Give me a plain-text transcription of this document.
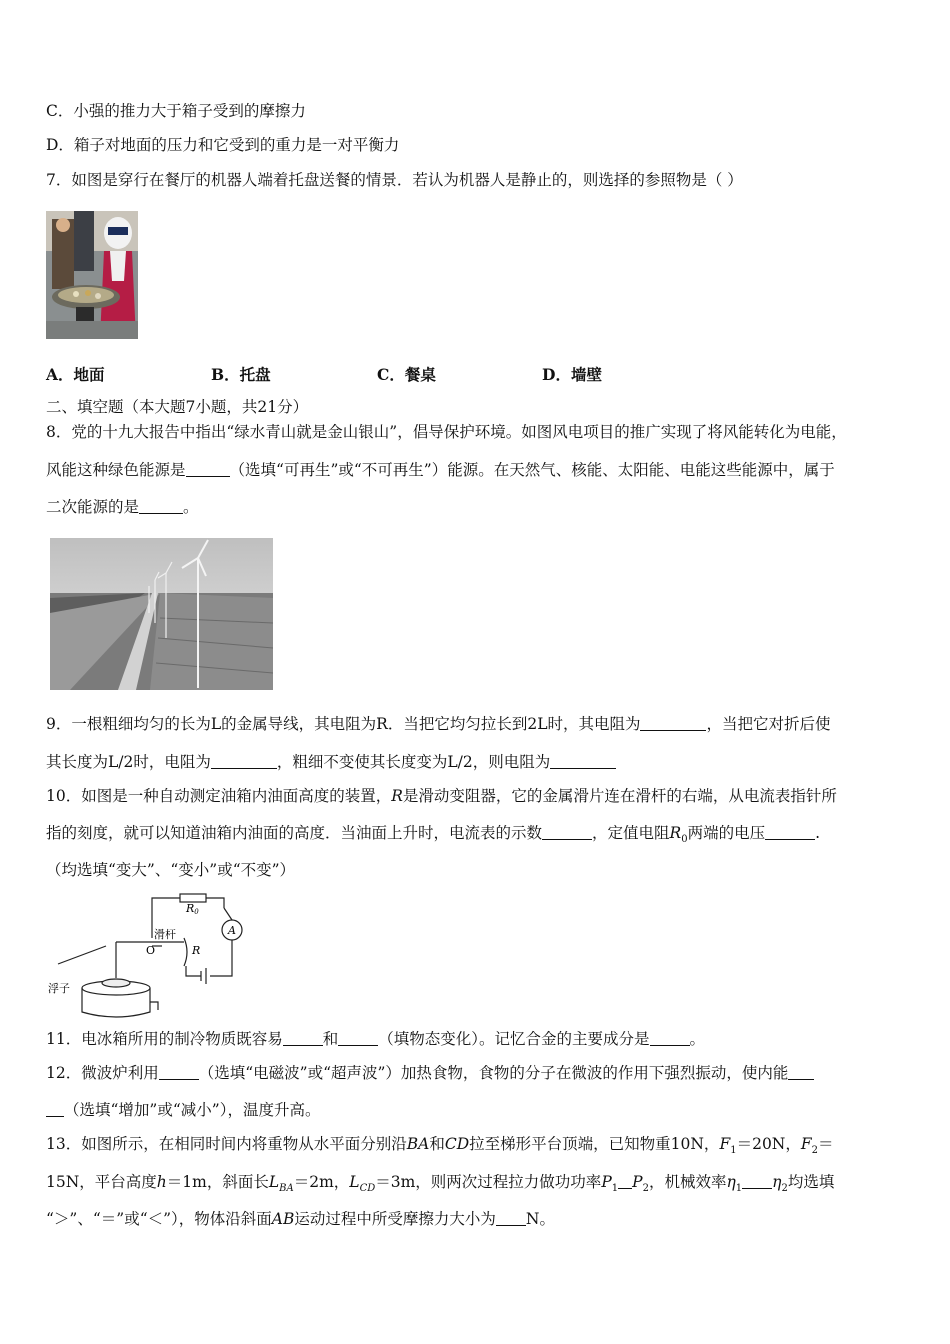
C．小强的推力大于箱子受到的摩擦力
D．箱子对地面的压力和它受到的重力是一对平衡力
7．如图是穿行在餐厅的机器人端着托盘送餐的情景．若认为机器人是静止的，则选择的参照物是（ ）
A．地面	B．托盘	C．餐桌	D．墙壁
二、填空题（本大题7小题，共21分）
8．党的十九大报告中指出“绿水青山就是金山银山”，倡导保护环境。如图风电项目的推广实现了将风能转化为电能，
风能这种绿色能源是	（选填“可再生”或“不可再生”）能源。在天然气、核能、太阳能、电能这些能源中，属于
二次能源的是	。
9．一根粗细均匀的长为L的金属导线，其电阻为R．当把它均匀拉长到2L时，其电阻为	，当把它对折后使
其长度为L/2时，电阻为	，粗细不变使其长度变为L/2，则电阻为
10．如图是一种自动测定油箱内油面高度的装置，R是滑动变阻器，它的金属滑片连在滑杆的右端，从电流表指针所
指的刻度，就可以知道油箱内油面的高度．当油面上升时，电流表的示数	，定值电阻$R_0$两端的电压	.
（均选填“变大”、“变小”或“不变”）
R0
A
滑杆
R
O
浮子
11．电冰箱所用的制冷物质既容易	和	（填物态变化）。记忆合金的主要成分是	。
12．微波炉利用	（选填“电磁波”或“超声波”）加热食物，食物的分子在微波的作用下强烈振动，使内能
（选填“增加”或“减小”），温度升高。
13．如图所示，在相同时间内将重物从水平面分别沿BA和CD拉至梯形平台顶端，已知物重10N，$F_1=20N$，$F_2=$
15N，平台高度h＝1m，斜面长$L_{BA}=2m$，$L_{CD}=3m$，则两次过程拉力做功功率$P_1$ $P_2$，机械效率$\eta_1$ $\eta_2$均选填
“＞”、“＝”或“＜”），物体沿斜面AB运动过程中所受摩擦力大小为 N。
